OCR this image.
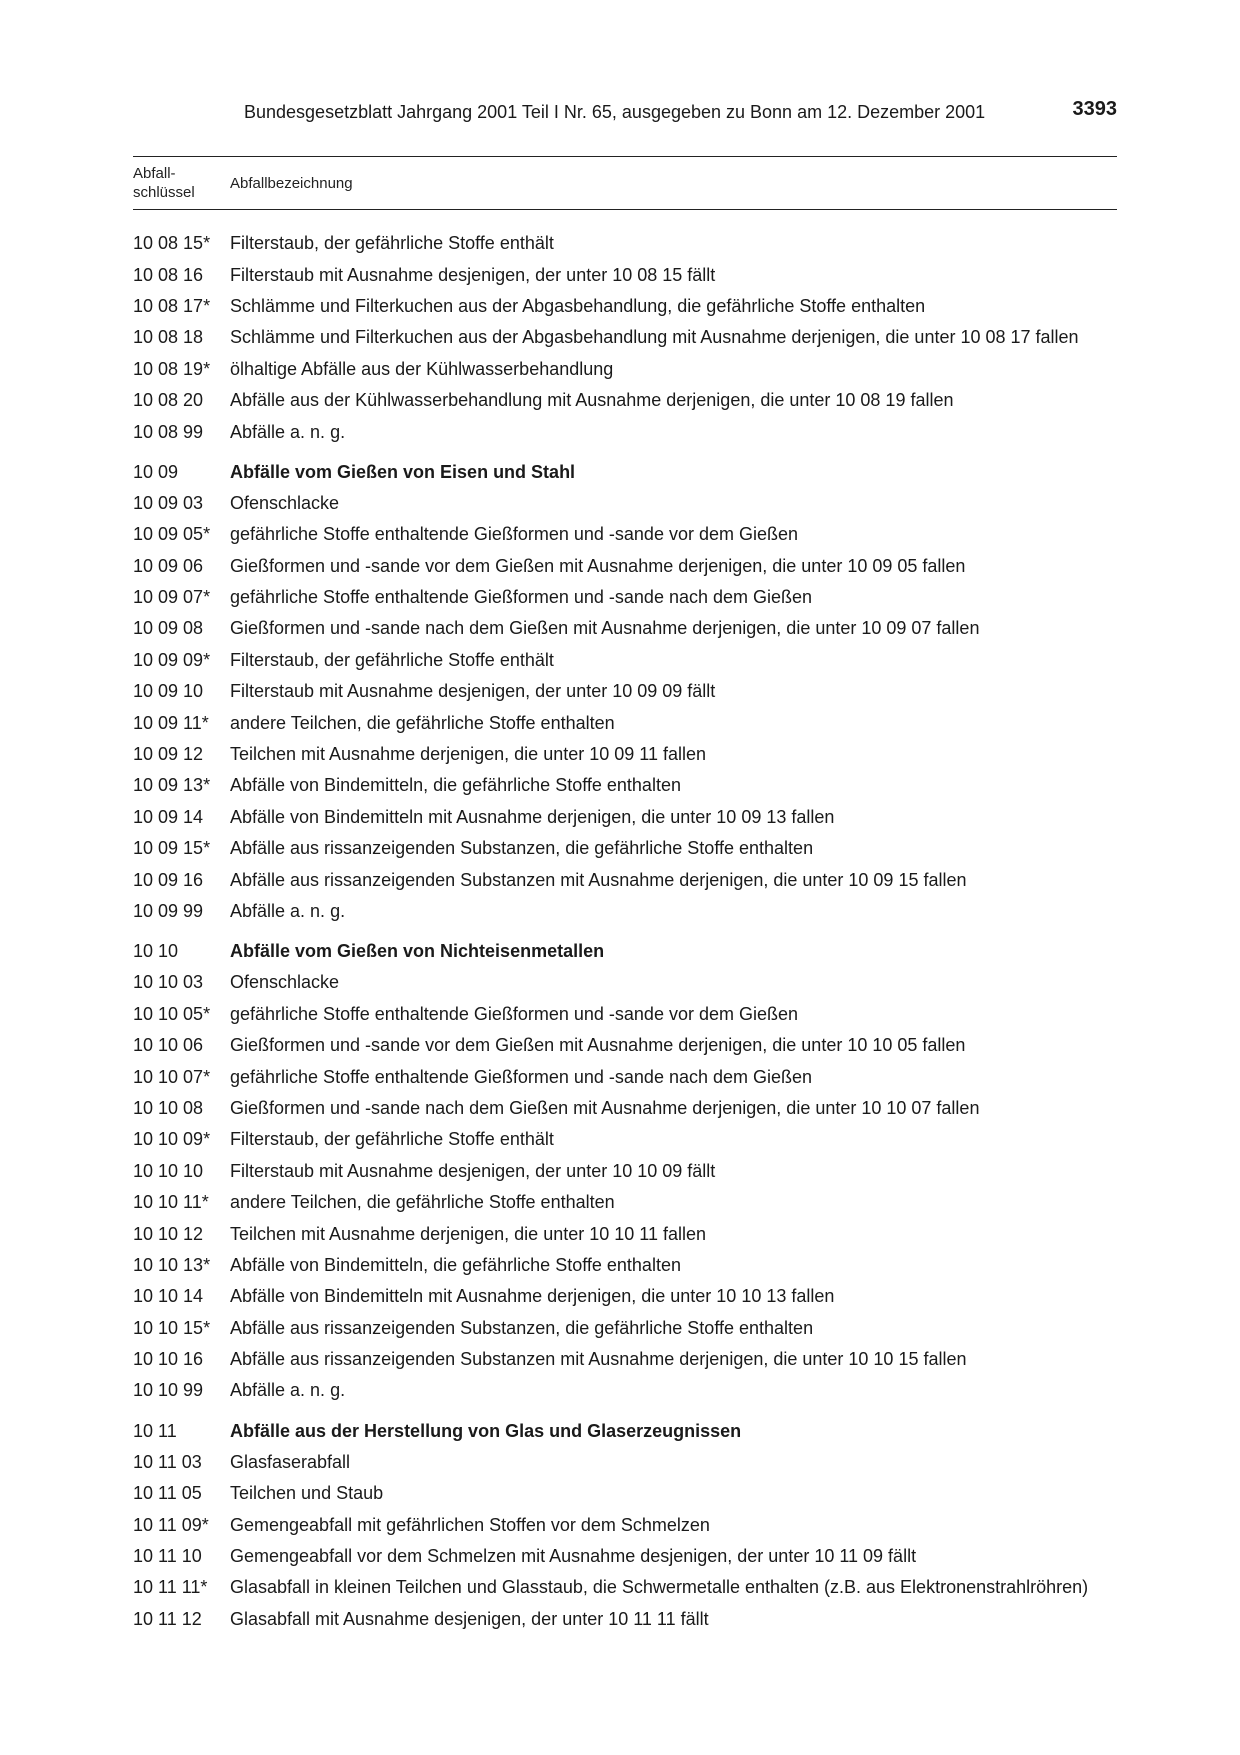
Bundesgesetzblatt Jahrgang 2001 Teil I Nr. 65, ausgegeben zu Bonn am 12. Dezember 2001	3393
Abfall-
schlüssel
Abfallbezeichnung
10 08 15*	Filterstaub, der gefährliche Stoffe enthält
10 08 16	Filterstaub mit Ausnahme desjenigen, der unter 10 08 15 fällt
10 08 17*	Schlämme und Filterkuchen aus der Abgasbehandlung, die gefährliche Stoffe enthalten
10 08 18	Schlämme und Filterkuchen aus der Abgasbehandlung mit Ausnahme derjenigen, die unter 10 08 17 fallen
10 08 19*	ölhaltige Abfälle aus der Kühlwasserbehandlung
10 08 20	Abfälle aus der Kühlwasserbehandlung mit Ausnahme derjenigen, die unter 10 08 19 fallen
10 08 99	Abfälle a. n. g.
10 09	Abfälle vom Gießen von Eisen und Stahl
10 09 03	Ofenschlacke
10 09 05*	gefährliche Stoffe enthaltende Gießformen und -sande vor dem Gießen
10 09 06	Gießformen und -sande vor dem Gießen mit Ausnahme derjenigen, die unter 10 09 05 fallen
10 09 07*	gefährliche Stoffe enthaltende Gießformen und -sande nach dem Gießen
10 09 08	Gießformen und -sande nach dem Gießen mit Ausnahme derjenigen, die unter 10 09 07 fallen
10 09 09*	Filterstaub, der gefährliche Stoffe enthält
10 09 10	Filterstaub mit Ausnahme desjenigen, der unter 10 09 09 fällt
10 09 11*	andere Teilchen, die gefährliche Stoffe enthalten
10 09 12	Teilchen mit Ausnahme derjenigen, die unter 10 09 11 fallen
10 09 13*	Abfälle von Bindemitteln, die gefährliche Stoffe enthalten
10 09 14	Abfälle von Bindemitteln mit Ausnahme derjenigen, die unter 10 09 13 fallen
10 09 15*	Abfälle aus rissanzeigenden Substanzen, die gefährliche Stoffe enthalten
10 09 16	Abfälle aus rissanzeigenden Substanzen mit Ausnahme derjenigen, die unter 10 09 15 fallen
10 09 99	Abfälle a. n. g.
10 10	Abfälle vom Gießen von Nichteisenmetallen
10 10 03	Ofenschlacke
10 10 05*	gefährliche Stoffe enthaltende Gießformen und -sande vor dem Gießen
10 10 06	Gießformen und -sande vor dem Gießen mit Ausnahme derjenigen, die unter 10 10 05 fallen
10 10 07*	gefährliche Stoffe enthaltende Gießformen und -sande nach dem Gießen
10 10 08	Gießformen und -sande nach dem Gießen mit Ausnahme derjenigen, die unter 10 10 07 fallen
10 10 09*	Filterstaub, der gefährliche Stoffe enthält
10 10 10	Filterstaub mit Ausnahme desjenigen, der unter 10 10 09 fällt
10 10 11*	andere Teilchen, die gefährliche Stoffe enthalten
10 10 12	Teilchen mit Ausnahme derjenigen, die unter 10 10 11 fallen
10 10 13*	Abfälle von Bindemitteln, die gefährliche Stoffe enthalten
10 10 14	Abfälle von Bindemitteln mit Ausnahme derjenigen, die unter 10 10 13 fallen
10 10 15*	Abfälle aus rissanzeigenden Substanzen, die gefährliche Stoffe enthalten
10 10 16	Abfälle aus rissanzeigenden Substanzen mit Ausnahme derjenigen, die unter 10 10 15 fallen
10 10 99	Abfälle a. n. g.
10 11	Abfälle aus der Herstellung von Glas und Glaserzeugnissen
10 11 03	Glasfaserabfall
10 11 05	Teilchen und Staub
10 11 09*	Gemengeabfall mit gefährlichen Stoffen vor dem Schmelzen
10 11 10	Gemengeabfall vor dem Schmelzen mit Ausnahme desjenigen, der unter 10 11 09 fällt
10 11 11*	Glasabfall in kleinen Teilchen und Glasstaub, die Schwermetalle enthalten (z.B. aus Elektronenstrahlröhren)
10 11 12	Glasabfall mit Ausnahme desjenigen, der unter 10 11 11 fällt
